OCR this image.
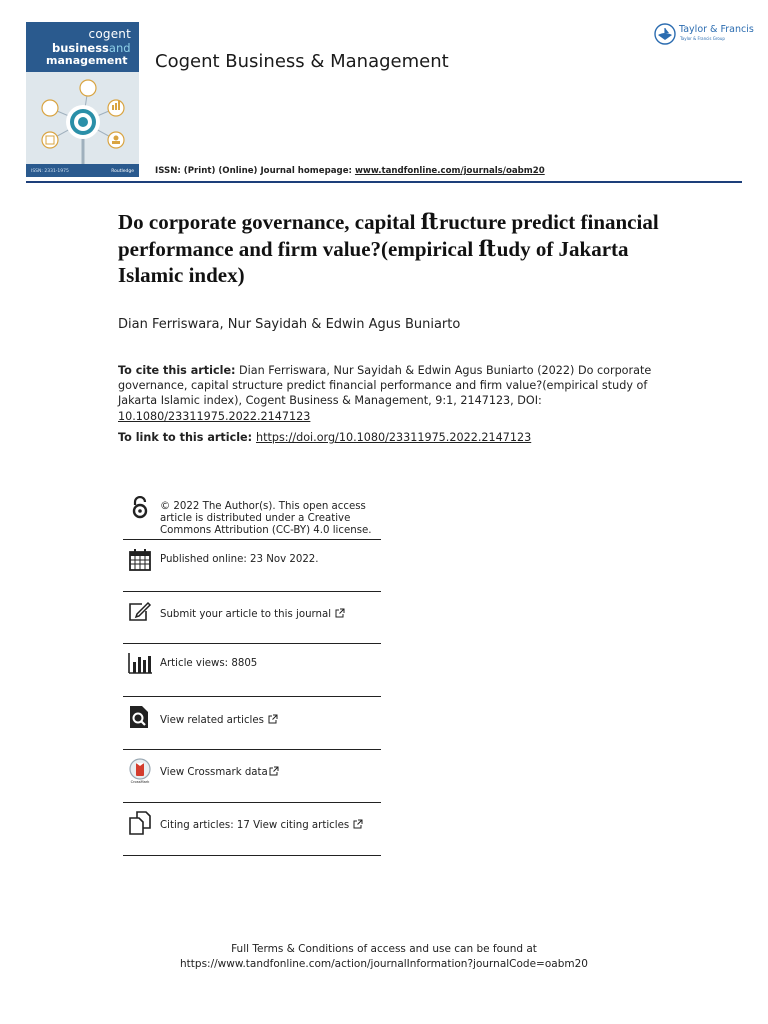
cogent
businessand
management
ISSN: 2331-1975	Routledge
Cogent Business & Management
ISSN: (Print) (Online) Journal homepage: www.tandfonline.com/journals/oabm20
Taylor & Francis
Taylor & Francis Group
Do corporate governance, capital ﬅructure predict financial performance and firm value?(empirical ﬅudy of Jakarta Islamic index)
Dian Ferriswara, Nur Sayidah & Edwin Agus Buniarto
To cite this article: Dian Ferriswara, Nur Sayidah & Edwin Agus Buniarto (2022) Do corporate governance, capital structure predict financial performance and firm value?(empirical study of Jakarta Islamic index), Cogent Business & Management, 9:1, 2147123, DOI: 10.1080/23311975.2022.2147123
To link to this article: https://doi.org/10.1080/23311975.2022.2147123
© 2022 The Author(s). This open access article is distributed under a Creative Commons Attribution (CC-BY) 4.0 license.
Published online: 23 Nov 2022.
Submit your article to this journal
Article views: 8805
View related articles
CrossMark
View Crossmark data
Citing articles: 17 View citing articles
Full Terms & Conditions of access and use can be found at
https://www.tandfonline.com/action/journalInformation?journalCode=oabm20
